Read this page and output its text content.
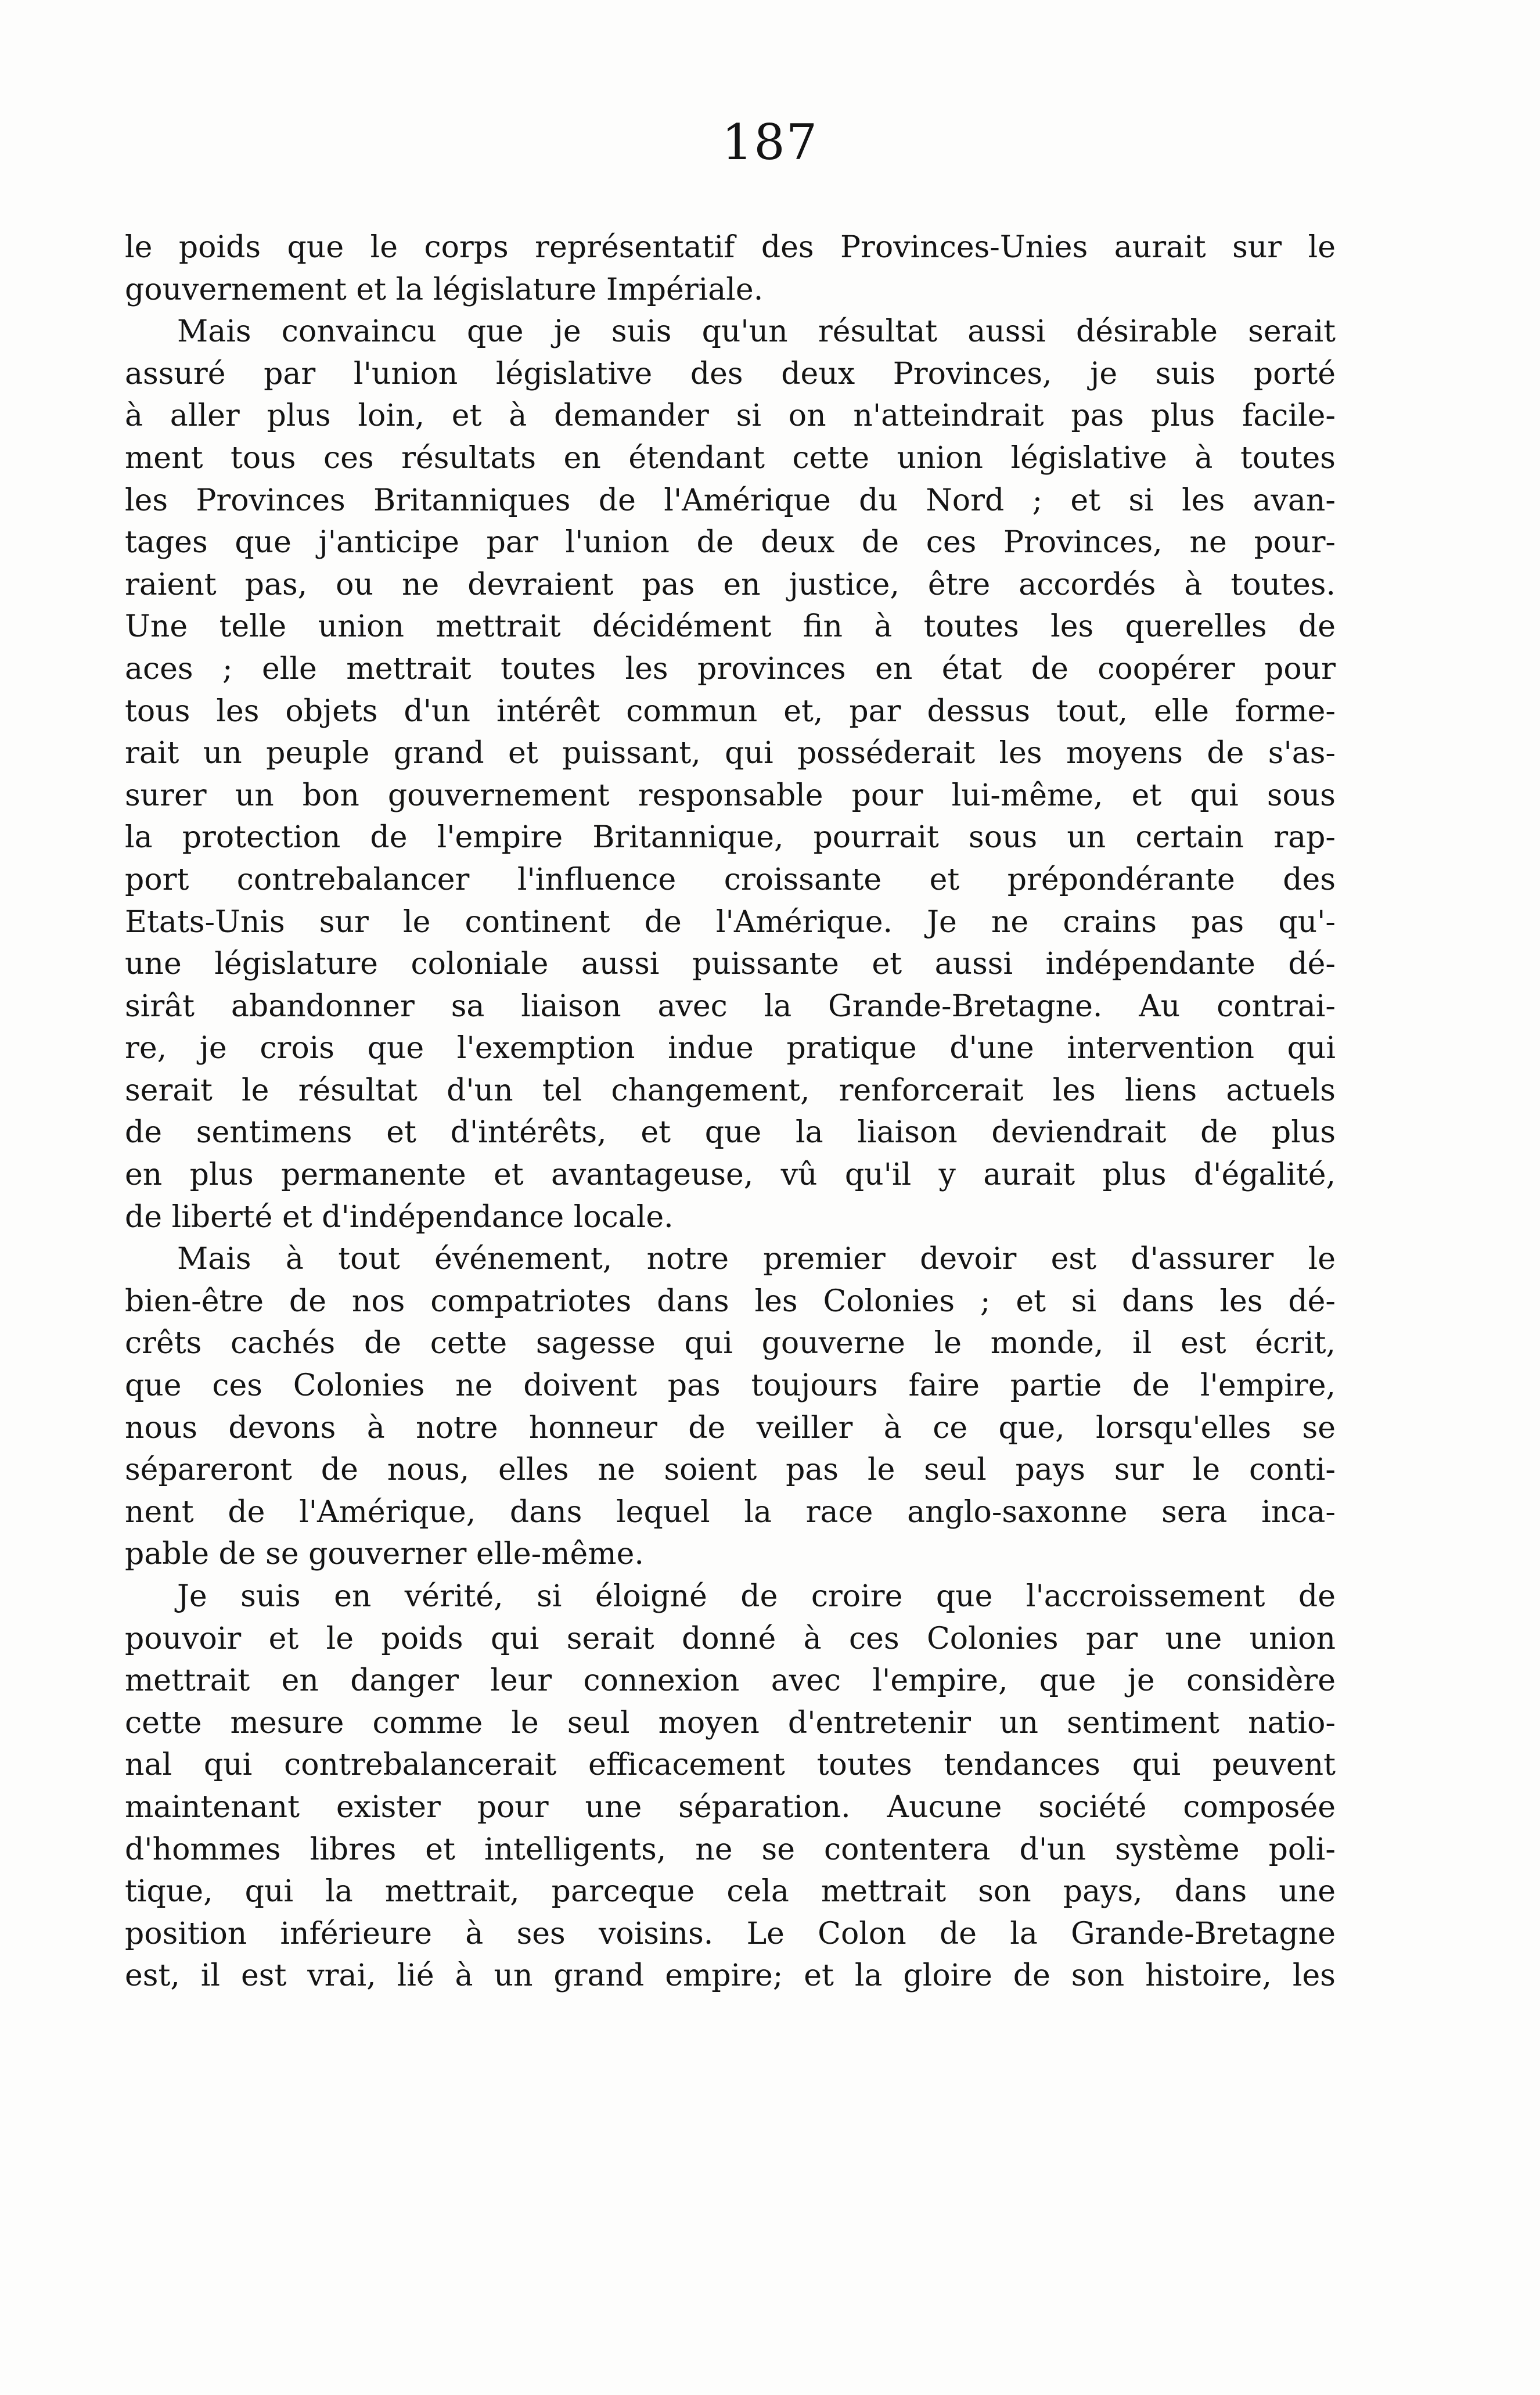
187
le poids que le corps représentatif des Provinces-Unies aurait sur le
gouvernement et la législature Impériale.
Mais convaincu que je suis qu'un résultat aussi désirable serait
assuré par l'union législative des deux Provinces, je suis porté
à aller plus loin, et à demander si on n'atteindrait pas plus facile-
ment tous ces résultats en étendant cette union législative à toutes
les Provinces Britanniques de l'Amérique du Nord ; et si les avan-
tages que j'anticipe par l'union de deux de ces Provinces, ne pour-
raient pas, ou ne devraient pas en justice, être accordés à toutes.
Une telle union mettrait décidément fin à toutes les querelles de
aces ; elle mettrait toutes les provinces en état de coopérer pour
tous les objets d'un intérêt commun et, par dessus tout, elle forme-
rait un peuple grand et puissant, qui posséderait les moyens de s'as-
surer un bon gouvernement responsable pour lui-même, et qui sous
la protection de l'empire Britannique, pourrait sous un certain rap-
port contrebalancer l'influence croissante et prépondérante des
Etats-Unis sur le continent de l'Amérique. Je ne crains pas qu'-
une législature coloniale aussi puissante et aussi indépendante dé-
sirât abandonner sa liaison avec la Grande-Bretagne. Au contrai-
re, je crois que l'exemption indue pratique d'une intervention qui
serait le résultat d'un tel changement, renforcerait les liens actuels
de sentimens et d'intérêts, et que la liaison deviendrait de plus
en plus permanente et avantageuse, vû qu'il y aurait plus d'égalité,
de liberté et d'indépendance locale.
Mais à tout événement, notre premier devoir est d'assurer le
bien-être de nos compatriotes dans les Colonies ; et si dans les dé-
crêts cachés de cette sagesse qui gouverne le monde, il est écrit,
que ces Colonies ne doivent pas toujours faire partie de l'empire,
nous devons à notre honneur de veiller à ce que, lorsqu'elles se
sépareront de nous, elles ne soient pas le seul pays sur le conti-
nent de l'Amérique, dans lequel la race anglo-saxonne sera inca-
pable de se gouverner elle-même.
Je suis en vérité, si éloigné de croire que l'accroissement de
pouvoir et le poids qui serait donné à ces Colonies par une union
mettrait en danger leur connexion avec l'empire, que je considère
cette mesure comme le seul moyen d'entretenir un sentiment natio-
nal qui contrebalancerait efficacement toutes tendances qui peuvent
maintenant exister pour une séparation. Aucune société composée
d'hommes libres et intelligents, ne se contentera d'un système poli-
tique, qui la mettrait, parceque cela mettrait son pays, dans une
position inférieure à ses voisins. Le Colon de la Grande-Bretagne
est, il est vrai, lié à un grand empire; et la gloire de son histoire, les
